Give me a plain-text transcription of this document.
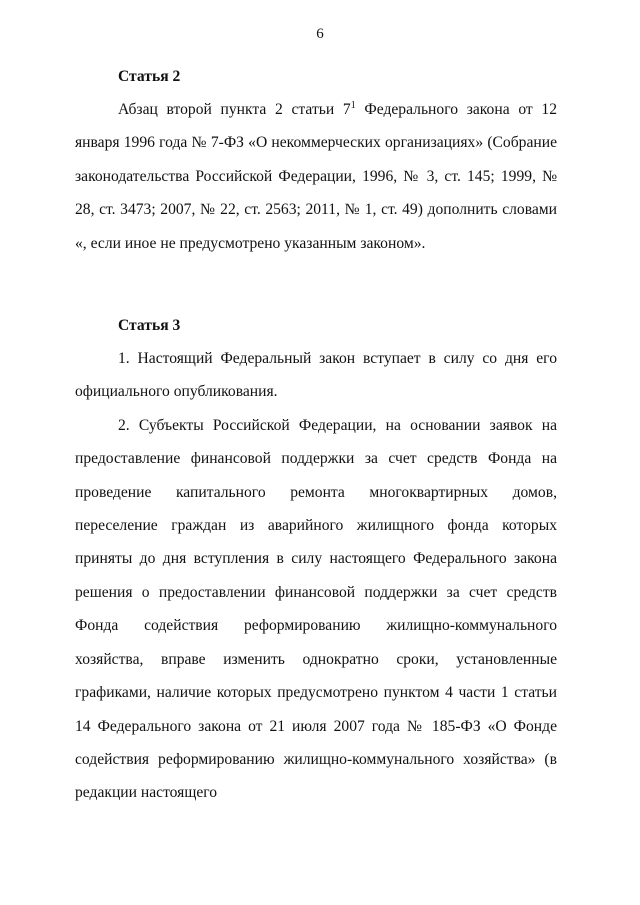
6

Статья 2

Абзац второй пункта 2 статьи $7^1$ Федерального закона от 12 января 1996 года № 7-ФЗ «О некоммерческих организациях» (Собрание законодательства Российской Федерации, 1996, № 3, ст. 145; 1999, № 28, ст. 3473; 2007, № 22, ст. 2563; 2011, № 1, ст. 49) дополнить словами «, если иное не предусмотрено указанным законом».

Статья 3

1. Настоящий Федеральный закон вступает в силу со дня его официального опубликования.

2. Субъекты Российской Федерации, на основании заявок на предоставление финансовой поддержки за счет средств Фонда на проведение капитального ремонта многоквартирных домов, переселение граждан из аварийного жилищного фонда которых приняты до дня вступления в силу настоящего Федерального закона решения о предоставлении финансовой поддержки за счет средств Фонда содействия реформированию жилищно-коммунального хозяйства, вправе изменить однократно сроки, установленные графиками, наличие которых предусмотрено пунктом 4 части 1 статьи 14 Федерального закона от 21 июля 2007 года № 185-ФЗ «О Фонде содействия реформированию жилищно-коммунального хозяйства» (в редакции настоящего
